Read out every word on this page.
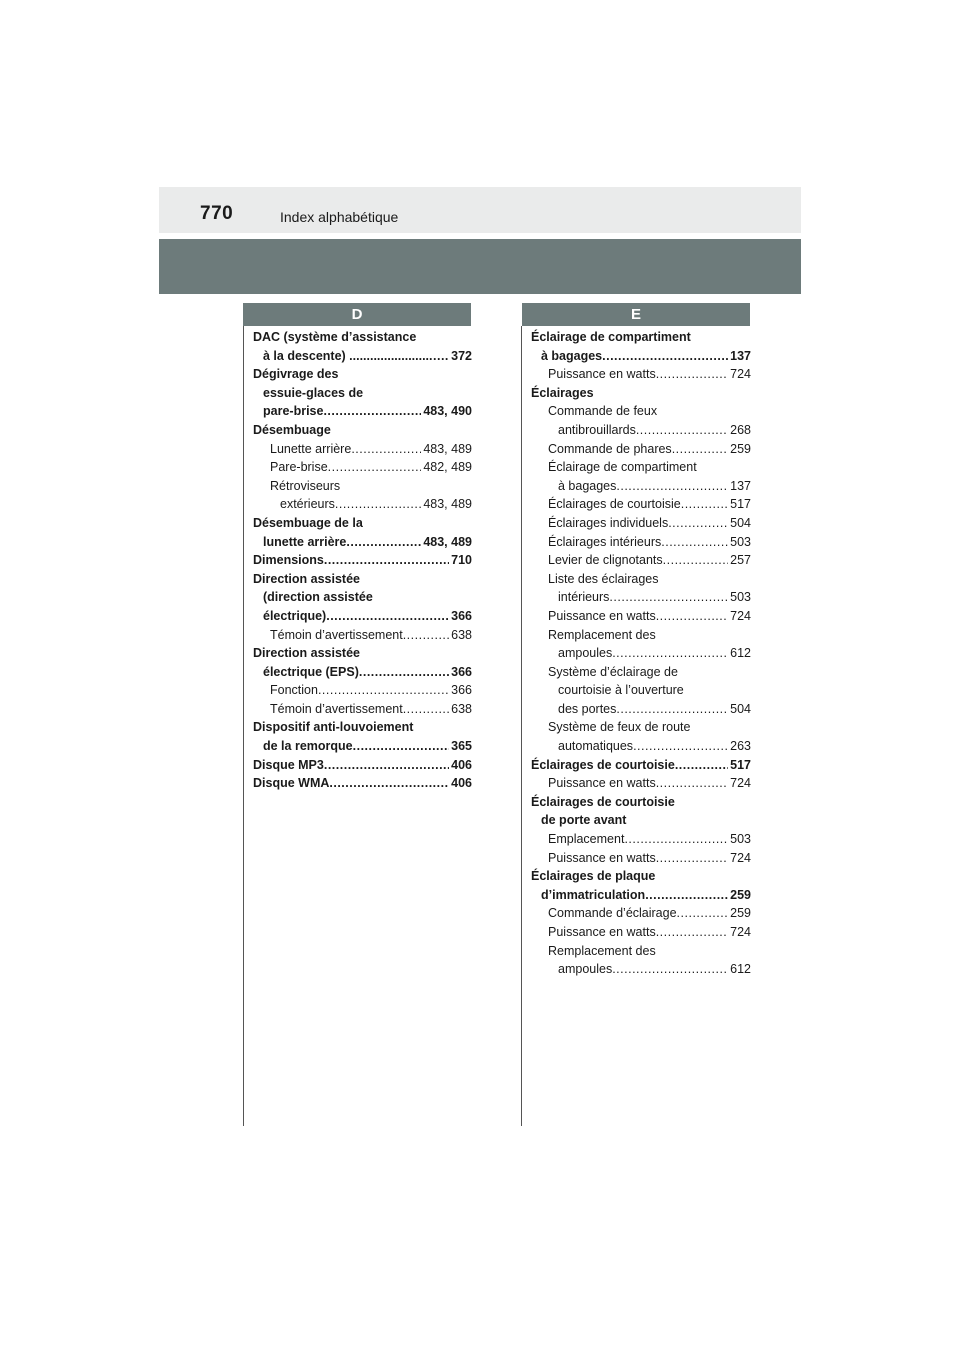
770	Index alphabétique
D	E
DAC (système d’assistance
à la descente) ....................... ..... 372
Dégivrage des
essuie-glaces de
pare-brise .....	483, 490
Désembuage
Lunette arrière .....	483, 489
Pare-brise .....	482, 489
Rétroviseurs
extérieurs .....	483, 489
Désembuage de la
lunette arrière .....	483, 489
Dimensions .....	710
Direction assistée
(direction assistée
électrique) .....	366
Témoin d’avertissement .....	638
Direction assistée
électrique (EPS) .....	366
Fonction .....	366
Témoin d’avertissement .....	638
Dispositif anti-louvoiement
de la remorque .....	365
Disque MP3 .....	406
Disque WMA .....	406
Éclairage de compartiment
à bagages .....	137
Puissance en watts .....	724
Éclairages
Commande de feux
antibrouillards .....	268
Commande de phares .....	259
Éclairage de compartiment
à bagages .....	137
Éclairages de courtoisie .....	517
Éclairages individuels .....	504
Éclairages intérieurs .....	503
Levier de clignotants .....	257
Liste des éclairages
intérieurs .....	503
Puissance en watts .....	724
Remplacement des
ampoules .....	612
Système d’éclairage de
courtoisie à l’ouverture
des portes .....	504
Système de feux de route
automatiques .....	263
Éclairages de courtoisie .....	517
Puissance en watts .....	724
Éclairages de courtoisie
de porte avant
Emplacement .....	503
Puissance en watts .....	724
Éclairages de plaque
d’immatriculation .....	259
Commande d’éclairage .....	259
Puissance en watts .....	724
Remplacement des
ampoules .....	612
